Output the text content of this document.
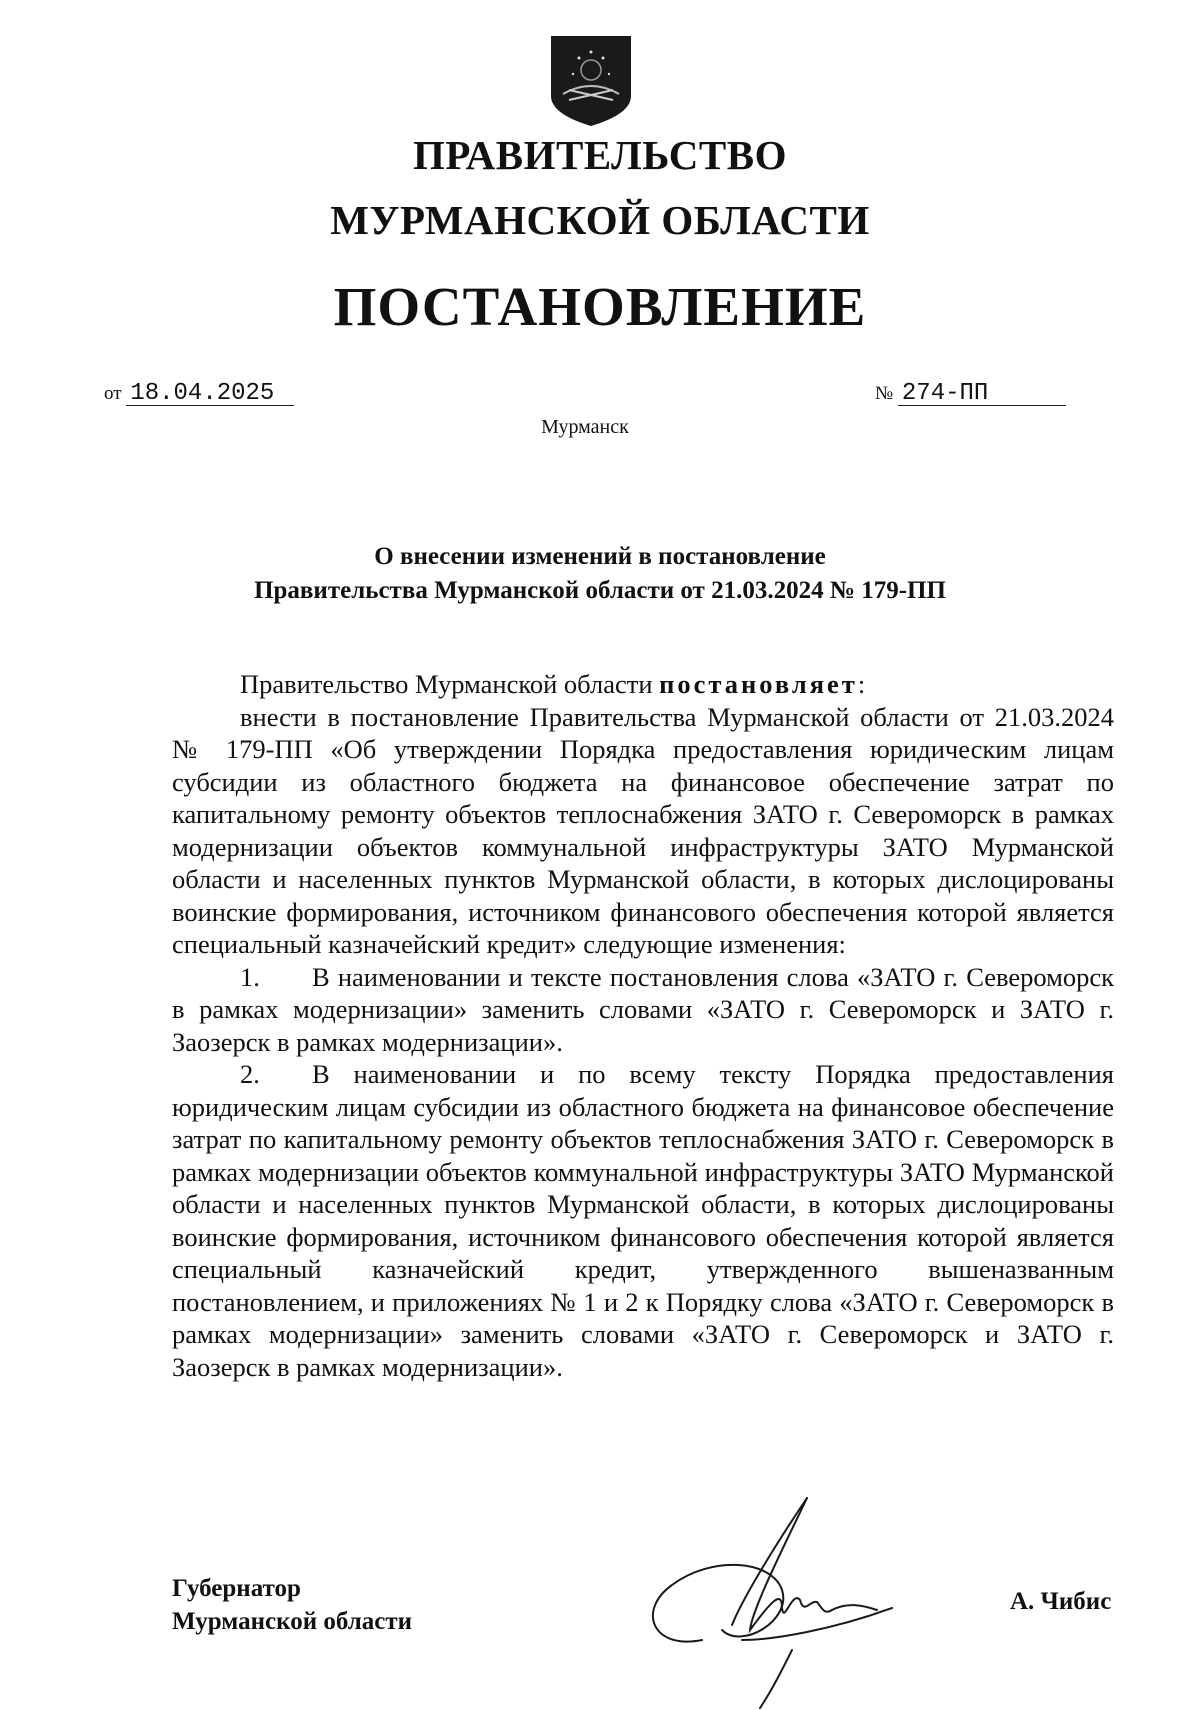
ПРАВИТЕЛЬСТВО
МУРМАНСКОЙ ОБЛАСТИ
ПОСТАНОВЛЕНИЕ
от 18.04.2025	№ 274-ПП
Мурманск
О внесении изменений в постановление
Правительства Мурманской области от 21.03.2024 № 179-ПП

Правительство Мурманской области постановляет:

внести в постановление Правительства Мурманской области от 21.03.2024 № 179-ПП «Об утверждении Порядка предоставления юридическим лицам субсидии из областного бюджета на финансовое обеспечение затрат по капитальному ремонту объектов теплоснабжения ЗАТО г. Североморск в рамках модернизации объектов коммунальной инфраструктуры ЗАТО Мурманской области и населенных пунктов Мурманской области, в которых дислоцированы воинские формирования, источником финансового обеспечения которой является специальный казначейский кредит» следующие изменения:

1. В наименовании и тексте постановления слова «ЗАТО г. Североморск в рамках модернизации» заменить словами «ЗАТО г. Североморск и ЗАТО г. Заозерск в рамках модернизации».

2. В наименовании и по всему тексту Порядка предоставления юридическим лицам субсидии из областного бюджета на финансовое обеспечение затрат по капитальному ремонту объектов теплоснабжения ЗАТО г. Североморск в рамках модернизации объектов коммунальной инфраструктуры ЗАТО Мурманской области и населенных пунктов Мурманской области, в которых дислоцированы воинские формирования, источником финансового обеспечения которой является специальный казначейский кредит, утвержденного вышеназванным постановлением, и приложениях № 1 и 2 к Порядку слова «ЗАТО г. Североморск в рамках модернизации» заменить словами «ЗАТО г. Североморск и ЗАТО г. Заозерск в рамках модернизации».

Губернатор
Мурманской области
А. Чибис
